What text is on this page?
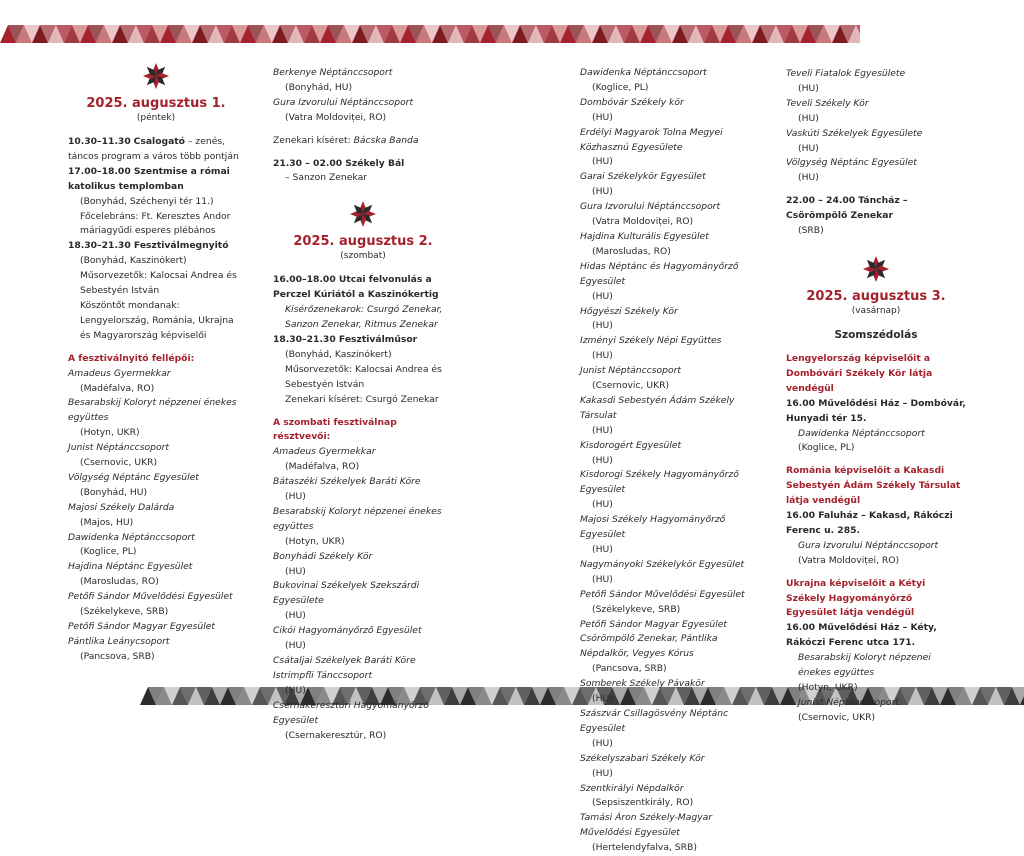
2025. augusztus 1.
(péntek)
10.30–11.30 Csalogató – zenés, táncos program a város több pontján
17.00–18.00 Szentmise a római katolikus templomban
(Bonyhád, Széchenyi tér 11.)
Főcelebráns: Ft. Keresztes Andor máriagyűdi esperes plébános
18.30–21.30 Fesztiválmegnyitó
(Bonyhád, Kaszinókert)
Műsorvezetők: Kalocsai Andrea és Sebestyén István
Köszöntőt mondanak: Lengyelország, Románia, Ukrajna és Magyarország képviselői
A fesztiválnyitó fellépői:
Amadeus Gyermekkar
(Madéfalva, RO)
Besarabskij Koloryt népzenei énekes együttes
(Hotyn, UKR)
Junist Néptánccsoport
(Csernovic, UKR)
Völgység Néptánc Egyesület
(Bonyhád, HU)
Majosi Székely Dalárda
(Majos, HU)
Dawidenka Néptánccsoport
(Koglice, PL)
Hajdina Néptánc Egyesület
(Marosludas, RO)
Petőfi Sándor Művelődési Egyesület
(Székelykeve, SRB)
Petőfi Sándor Magyar Egyesület
Pántlika Leánycsoport
(Pancsova, SRB)
Berkenye Néptánccsoport
(Bonyhád, HU)
Gura Izvorului Néptánccsoport
(Vatra Moldoviței, RO)
Zenekari kíséret: Bácska Banda
21.30 – 02.00 Székely Bál
– Sanzon Zenekar
2025. augusztus 2.
(szombat)
16.00–18.00 Utcai felvonulás a Perczel Kúriától a Kaszinókertig
Kísérőzenekarok: Csurgó Zenekar, Sanzon Zenekar, Ritmus Zenekar
18.30–21.30 Fesztiválműsor
(Bonyhád, Kaszinókert)
Műsorvezetők: Kalocsai Andrea és Sebestyén István
Zenekari kíséret: Csurgó Zenekar
A szombati fesztiválnap résztvevői:
Amadeus Gyermekkar
(Madéfalva, RO)
Bátaszéki Székelyek Baráti Köre
(HU)
Besarabskij Koloryt népzenei énekes együttes
(Hotyn, UKR)
Bonyhádi Székely Kör
(HU)
Bukovinai Székelyek Szekszárdi Egyesülete
(HU)
Cikói Hagyományőrző Egyesület
(HU)
Csátaljai Székelyek Baráti Köre Istrimpfli Tánccsoport
(HU)
Csernakeresztúri Hagyományőrző Egyesület
(Csernakeresztúr, RO)
Dawidenka Néptánccsoport
(Koglice, PL)
Dombóvár Székely kör
(HU)
Erdélyi Magyarok Tolna Megyei Közhasznú Egyesülete
(HU)
Garai Székelykör Egyesület
(HU)
Gura Izvorului Néptánccsoport
(Vatra Moldoviței, RO)
Hajdina Kulturális Egyesület
(Marosludas, RO)
Hidas Néptánc és Hagyományőrző Egyesület
(HU)
Hőgyészi Székely Kör
(HU)
Izményi Székely Népi Együttes
(HU)
Junist Néptánccsoport
(Csernovic, UKR)
Kakasdi Sebestyén Ádám Székely Társulat
(HU)
Kisdorogért Egyesület
(HU)
Kisdorogi Székely Hagyományőrző Egyesület
(HU)
Majosi Székely Hagyományőrző Egyesület
(HU)
Nagymányoki Székelykör Egyesület
(HU)
Petőfi Sándor Művelődési Egyesület
(Székelykeve, SRB)
Petőfi Sándor Magyar Egyesület Csörömpölő Zenekar, Pántlika Népdalkör, Vegyes Kórus
(Pancsova, SRB)
Somberek Székely Pávakör
(HU)
Szászvár Csillagösvény Néptánc Egyesület
(HU)
Székelyszabari Székely Kör
(HU)
Szentkirályi Népdalkör
(Sepsiszentkirály, RO)
Tamási Áron Székely-Magyar Művelődési Egyesület
(Hertelendyfalva, SRB)
Teveli Fiatalok Egyesülete
(HU)
Teveli Székely Kör
(HU)
Vaskúti Székelyek Egyesülete
(HU)
Völgység Néptánc Egyesület
(HU)
22.00 – 24.00 Táncház – Csörömpölő Zenekar
(SRB)
2025. augusztus 3.
(vasárnap)
Szomszédolás
Lengyelország képviselőit a Dombóvári Székely Kör látja vendégül
16.00 Művelődési Ház – Dombóvár, Hunyadi tér 15.
Dawidenka Néptánccsoport
(Koglice, PL)
Románia képviselőit a Kakasdi Sebestyén Ádám Székely Társulat látja vendégül
16.00 Faluház – Kakasd, Rákóczi Ferenc u. 285.
Gura Izvorului Néptánccsoport
(Vatra Moldoviței, RO)
Ukrajna képviselőit a Kétyi Székely Hagyományőrző Egyesület látja vendégül
16.00 Művelődési Ház – Kéty, Rákóczi Ferenc utca 171.
Besarabskij Koloryt népzenei énekes együttes
(Hotyn, UKR)
Junist Néptánccsoport
(Csernovic, UKR)
